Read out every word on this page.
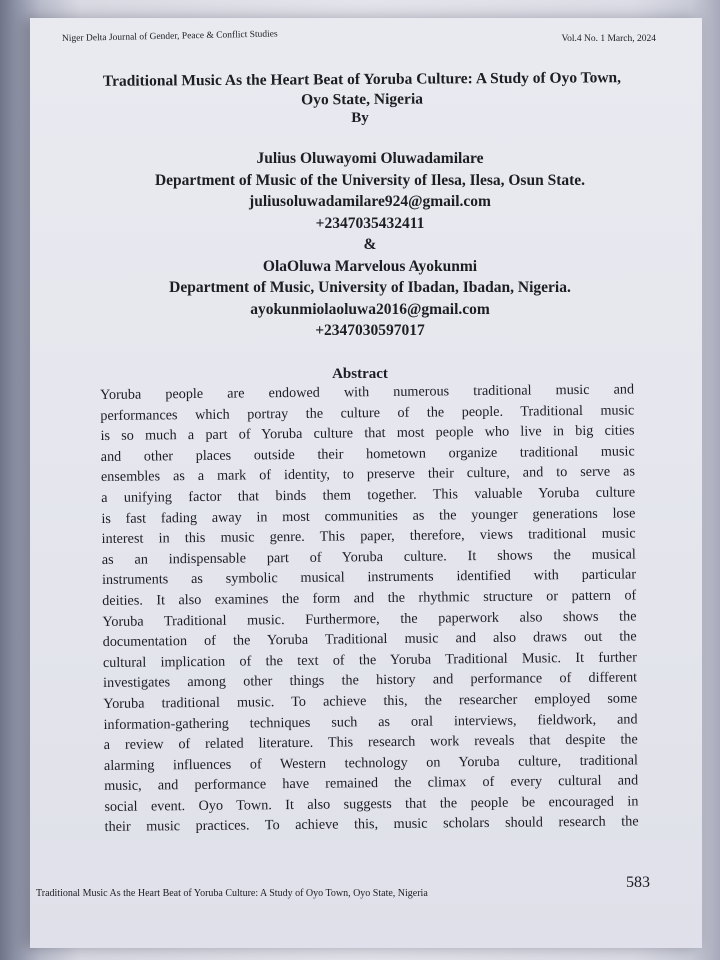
Niger Delta Journal of Gender, Peace & Conflict Studies	Vol.4 No. 1 March, 2024
Traditional Music As the Heart Beat of Yoruba Culture: A Study of Oyo Town,
Oyo State, Nigeria
By
Julius Oluwayomi Oluwadamilare
Department of Music of the University of Ilesa, Ilesa, Osun State.
juliusoluwadamilare924@gmail.com
+2347035432411
&
OlaOluwa Marvelous Ayokunmi
Department of Music, University of Ibadan, Ibadan, Nigeria.
ayokunmiolaoluwa2016@gmail.com
+2347030597017
Abstract
Yoruba people are endowed with numerous traditional music and
performances which portray the culture of the people. Traditional music
is so much a part of Yoruba culture that most people who live in big cities
and other places outside their hometown organize traditional music
ensembles as a mark of identity, to preserve their culture, and to serve as
a unifying factor that binds them together. This valuable Yoruba culture
is fast fading away in most communities as the younger generations lose
interest in this music genre. This paper, therefore, views traditional music
as an indispensable part of Yoruba culture. It shows the musical
instruments as symbolic musical instruments identified with particular
deities. It also examines the form and the rhythmic structure or pattern of
Yoruba Traditional music. Furthermore, the paperwork also shows the
documentation of the Yoruba Traditional music and also draws out the
cultural implication of the text of the Yoruba Traditional Music. It further
investigates among other things the history and performance of different
Yoruba traditional music. To achieve this, the researcher employed some
information-gathering techniques such as oral interviews, fieldwork, and
a review of related literature. This research work reveals that despite the
alarming influences of Western technology on Yoruba culture, traditional
music, and performance have remained the climax of every cultural and
social event. Oyo Town. It also suggests that the people be encouraged in
their music practices. To achieve this, music scholars should research the
Traditional Music As the Heart Beat of Yoruba Culture: A Study of Oyo Town, Oyo State, Nigeria
583
